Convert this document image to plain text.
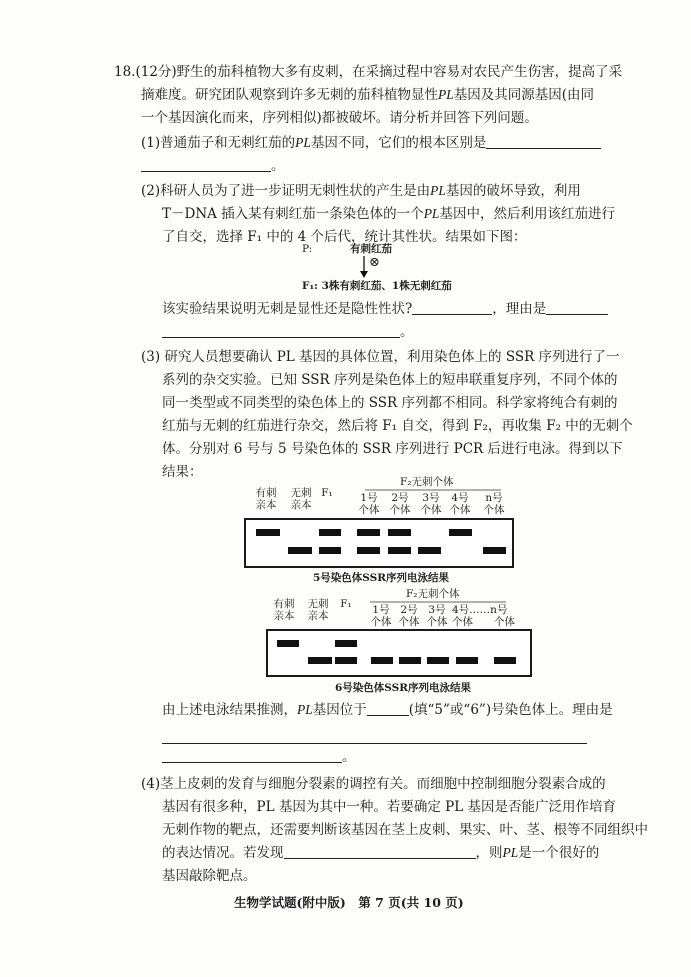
18.(12分)野生的茄科植物大多有皮刺，在采摘过程中容易对农民产生伤害，提高了采
摘难度。研究团队观察到许多无刺的茄科植物显性PL基因及其同源基因(由同
一个基因演化而来，序列相似)都被破坏。请分析并回答下列问题。
(1)普通茄子和无刺红茄的PL基因不同，它们的根本区别是
。
(2)科研人员为了进一步证明无刺性状的产生是由PL基因的破坏导致，利用
T－DNA 插入某有刺红茄一条染色体的一个PL基因中，然后利用该红茄进行
了自交，选择 F₁ 中的 4 个后代，统计其性状。结果如下图：
P:	有刺红茄
⊗
F₁: 3株有刺红茄、1株无刺红茄
该实验结果说明无刺是显性还是隐性性状?	，理由是
。
(3) 研究人员想要确认 PL 基因的具体位置，利用染色体上的 SSR 序列进行了一
系列的杂交实验。已知 SSR 序列是染色体上的短串联重复序列，不同个体的
同一类型或不同类型的染色体上的 SSR 序列都不相同。科学家将纯合有刺的
红茄与无刺的红茄进行杂交，然后将 F₁ 自交，得到 F₂，再收集 F₂ 中的无刺个
体。分别对 6 号与 5 号染色体的 SSR 序列进行 PCR 后进行电泳。得到以下
结果：
F₂无刺个体
有刺
亲本
无刺
亲本
F₁	1号
个体
2号
个体
3号
个体
4号
个体
n号
个体
5号染色体SSR序列电泳结果
F₂无刺个体
有刺
亲本
无刺
亲本
F₁	1号
个体
2号
个体
3号
个体
4号……n号
个体　　个体
6号染色体SSR序列电泳结果
由上述电泳结果推测，PL基因位于	(填“5”或“6”)号染色体上。理由是
。
(4)茎上皮刺的发育与细胞分裂素的调控有关。而细胞中控制细胞分裂素合成的
基因有很多种，PL 基因为其中一种。若要确定 PL 基因是否能广泛用作培育
无刺作物的靶点，还需要判断该基因在茎上皮刺、果实、叶、茎、根等不同组织中
的表达情况。若发现	，则PL是一个很好的
基因敲除靶点。
生物学试题(附中版)　第 7 页(共 10 页)
